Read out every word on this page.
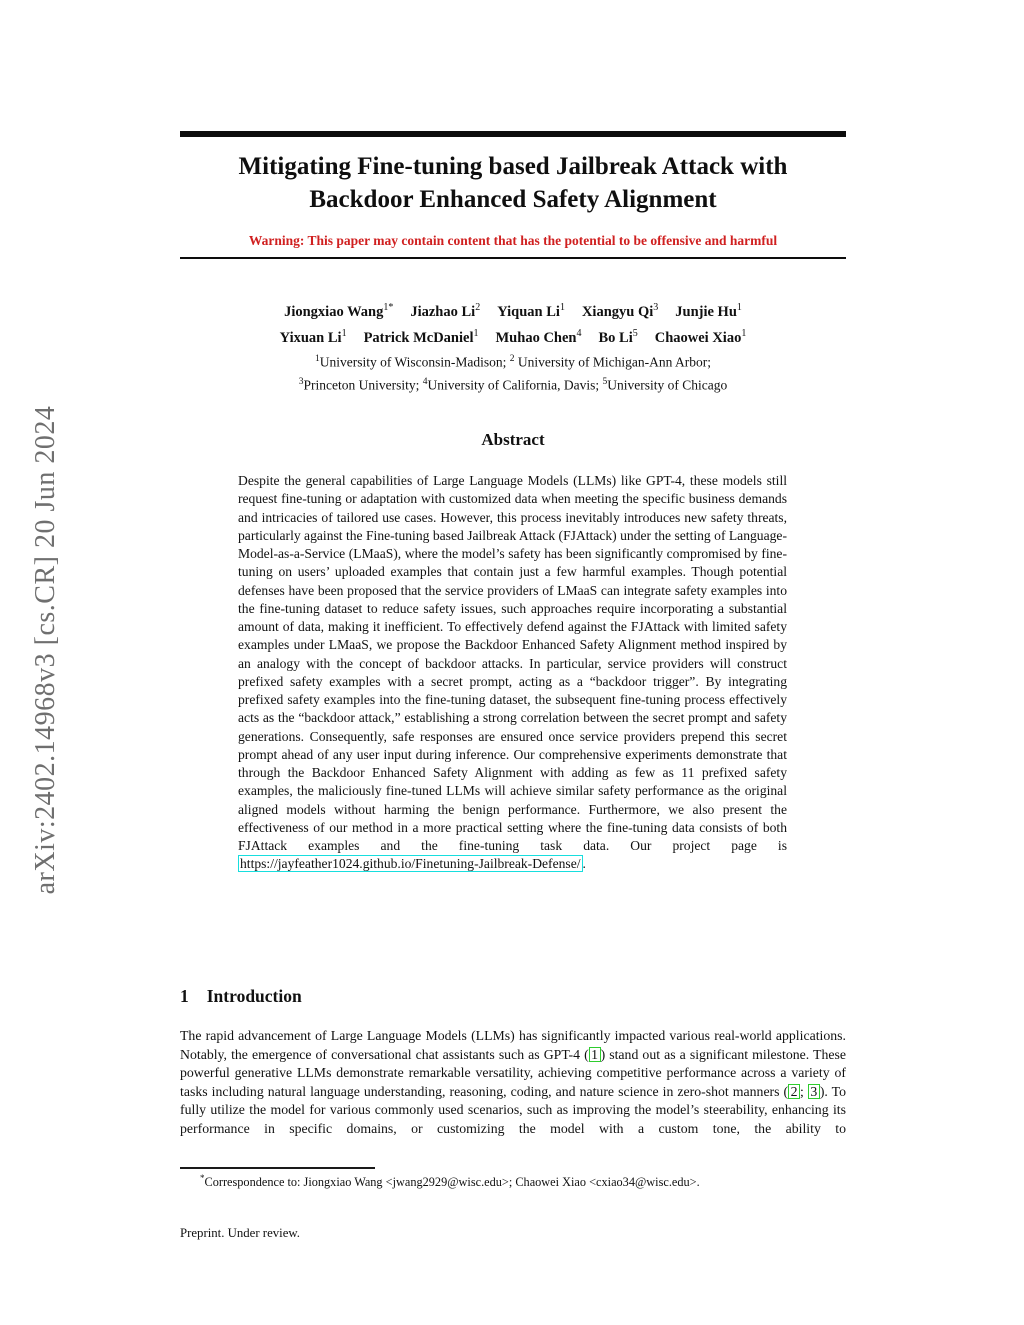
arXiv:2402.14968v3 [cs.CR] 20 Jun 2024
Mitigating Fine-tuning based Jailbreak Attack with
Backdoor Enhanced Safety Alignment
Warning: This paper may contain content that has the potential to be offensive and harmful
Jiongxiao Wang$^{1*}$ Jiazhao Li$^2$ Yiquan Li$^1$ Xiangyu Qi$^3$ Junjie Hu$^1$
Yixuan Li$^1$ Patrick McDaniel$^1$ Muhao Chen$^4$ Bo Li$^5$ Chaowei Xiao$^1$
$^1$University of Wisconsin-Madison; $^2$ University of Michigan-Ann Arbor;
$^3$Princeton University; $^4$University of California, Davis; $^5$University of Chicago
Abstract
Despite the general capabilities of Large Language Models (LLMs) like GPT-4, these models still request fine-tuning or adaptation with customized data when meeting the specific business demands and intricacies of tailored use cases. However, this process inevitably introduces new safety threats, particularly against the Fine-tuning based Jailbreak Attack (FJAttack) under the setting of Language-Model-as-a-Service (LMaaS), where the model’s safety has been significantly compromised by fine-tuning on users’ uploaded examples that contain just a few harmful examples. Though potential defenses have been proposed that the service providers of LMaaS can integrate safety examples into the fine-tuning dataset to reduce safety issues, such approaches require incorporating a substantial amount of data, making it inefficient. To effectively defend against the FJAttack with limited safety examples under LMaaS, we propose the Backdoor Enhanced Safety Alignment method inspired by an analogy with the concept of backdoor attacks. In particular, service providers will construct prefixed safety examples with a secret prompt, acting as a “backdoor trigger”. By integrating prefixed safety examples into the fine-tuning dataset, the subsequent fine-tuning process effectively acts as the “backdoor attack,” establishing a strong correlation between the secret prompt and safety generations. Consequently, safe responses are ensured once service providers prepend this secret prompt ahead of any user input during inference. Our comprehensive experiments demonstrate that through the Backdoor Enhanced Safety Alignment with adding as few as 11 prefixed safety examples, the maliciously fine-tuned LLMs will achieve similar safety performance as the original aligned models without harming the benign performance. Furthermore, we also present the effectiveness of our method in a more practical setting where the fine-tuning data consists of both FJAttack examples and the fine-tuning task data. Our project page is https://jayfeather1024.github.io/Finetuning-Jailbreak-Defense/ .
1 Introduction
The rapid advancement of Large Language Models (LLMs) has significantly impacted various real-world applications. Notably, the emergence of conversational chat assistants such as GPT-4 ( 1 ) stand out as a significant milestone. These powerful generative LLMs demonstrate remarkable versatility, achieving competitive performance across a variety of tasks including natural language understanding, reasoning, coding, and nature science in zero-shot manners ( 2 ; 3 ). To fully utilize the model for various commonly used scenarios, such as improving the model’s steerability, enhancing its performance in specific domains, or customizing the model with a custom tone, the ability to
*Correspondence to: Jiongxiao Wang <jwang2929@wisc.edu>; Chaowei Xiao <cxiao34@wisc.edu>.
Preprint. Under review.
